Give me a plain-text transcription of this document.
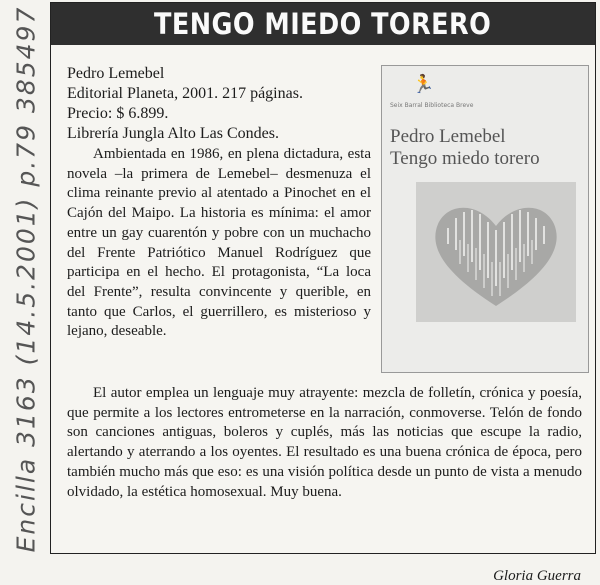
Encilla 3163 (14.5.2001) p.79 385497	TENGO MIEDO TORERO
Pedro Lemebel
Editorial Planeta, 2001. 217 páginas.
Precio: $ 6.899.
Librería Jungla Alto Las Condes.
🏃
Seix Barral Biblioteca Breve
Pedro Lemebel
Tengo miedo torero

Ambientada en 1986, en plena dictadura, esta novela –la primera de Lemebel– desmenuza el clima reinante previo al atentado a Pinochet en el Cajón del Maipo. La historia es mínima: el amor entre un gay cuarentón y pobre con un muchacho del Frente Patriótico Manuel Rodríguez que participa en el hecho. El protagonista, “La loca del Frente”, resulta convincente y querible, en tanto que Carlos, el guerrillero, es misterioso y lejano, deseable.

El autor emplea un lenguaje muy atrayente: mezcla de folletín, crónica y poesía, que permite a los lectores entrometerse en la narración, conmoverse. Telón de fondo son canciones antiguas, boleros y cuplés, más las noticias que escupe la radio, alertando y aterrando a los oyentes. El resultado es una buena crónica de época, pero también mucho más que eso: es una visión política desde un punto de vista a menudo olvidado, la estética homosexual. Muy buena.

Gloria Guerra
